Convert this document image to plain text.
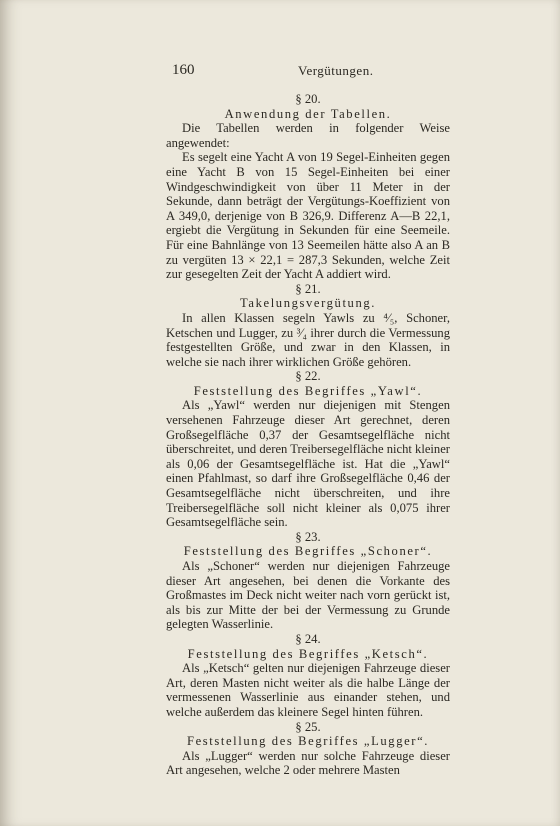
160	Vergütungen.

§ 20.

Anwendung der Tabellen.

Die Tabellen werden in folgender Weise angewendet:

Es segelt eine Yacht A von 19 Segel-Einheiten gegen eine Yacht B von 15 Segel-Einheiten bei einer Windgeschwindigkeit von über 11 Meter in der Sekunde, dann beträgt der Vergütungs-Koeffizient von A 349,0, derjenige von B 326,9. Differenz A—B 22,1, ergiebt die Vergütung in Sekunden für eine Seemeile. Für eine Bahnlänge von 13 Seemeilen hätte also A an B zu vergüten 13 × 22,1 = 287,3 Sekunden, welche Zeit zur gesegelten Zeit der Yacht A addiert wird.

§ 21.

Takelungsvergütung.

In allen Klassen segeln Yawls zu ⁴⁄₅, Schoner, Ketschen und Lugger, zu ³⁄₄ ihrer durch die Vermessung festgestellten Größe, und zwar in den Klassen, in welche sie nach ihrer wirklichen Größe gehören.

§ 22.

Feststellung des Begriffes „Yawl“.

Als „Yawl“ werden nur diejenigen mit Stengen versehenen Fahrzeuge dieser Art gerechnet, deren Großsegelfläche 0,37 der Gesamtsegelfläche nicht überschreitet, und deren Treibersegelfläche nicht kleiner als 0,06 der Gesamtsegelfläche ist. Hat die „Yawl“ einen Pfahlmast, so darf ihre Großsegelfläche 0,46 der Gesamtsegelfläche nicht überschreiten, und ihre Treibersegelfläche soll nicht kleiner als 0,075 ihrer Gesamtsegelfläche sein.

§ 23.

Feststellung des Begriffes „Schoner“.

Als „Schoner“ werden nur diejenigen Fahrzeuge dieser Art angesehen, bei denen die Vorkante des Großmastes im Deck nicht weiter nach vorn gerückt ist, als bis zur Mitte der bei der Vermessung zu Grunde gelegten Wasserlinie.

§ 24.

Feststellung des Begriffes „Ketsch“.

Als „Ketsch“ gelten nur diejenigen Fahrzeuge dieser Art, deren Masten nicht weiter als die halbe Länge der vermessenen Wasserlinie aus einander stehen, und welche außerdem das kleinere Segel hinten führen.

§ 25.

Feststellung des Begriffes „Lugger“.

Als „Lugger“ werden nur solche Fahrzeuge dieser Art angesehen, welche 2 oder mehrere Masten
